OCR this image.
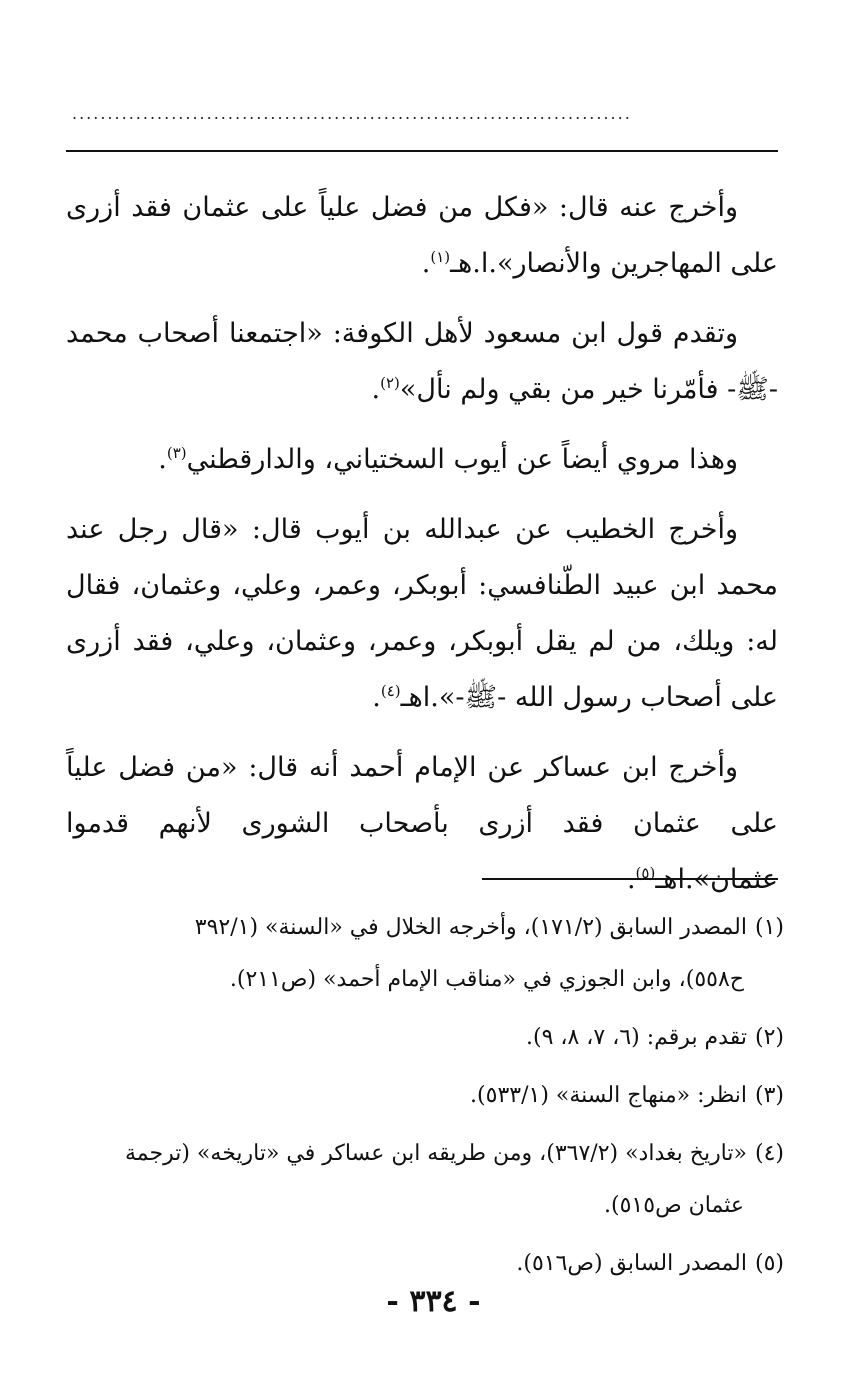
...............................................................................

وأخرج عنه قال: «فكل من فضل علياً على عثمان فقد أزرى على المهاجرين والأنصار».ا.هـ$^{(١)}$.

وتقدم قول ابن مسعود لأهل الكوفة: «اجتمعنا أصحاب محمد -ﷺ- فأمّرنا خير من بقي ولم نأل»$^{(٢)}$.

وهذا مروي أيضاً عن أيوب السختياني، والدارقطني$^{(٣)}$.

وأخرج الخطيب عن عبدالله بن أيوب قال: «قال رجل عند محمد ابن عبيد الطّنافسي: أبوبكر، وعمر، وعلي، وعثمان، فقال له: ويلك، من لم يقل أبوبكر، وعمر، وعثمان، وعلي، فقد أزرى على أصحاب رسول الله -ﷺ-».اهـ$^{(٤)}$.

وأخرج ابن عساكر عن الإمام أحمد أنه قال: «من فضل علياً على عثمان فقد أزرى بأصحاب الشورى لأنهم قدموا عثمان».اهـ$^{(٥)}$.

(١)المصدر السابق (١٧١/٢)، وأخرجه الخلال في «السنة» (٣٩٢/١
ح٥٥٨)، وابن الجوزي في «مناقب الإمام أحمد» (ص٢١١).
(٢)تقدم برقم: (٦، ٧، ٨، ٩).
(٣)انظر: «منهاج السنة» (٥٣٣/١).
(٤)«تاريخ بغداد» (٣٦٧/٢)، ومن طريقه ابن عساكر في «تاريخه» (ترجمة
عثمان ص٥١٥).
(٥)المصدر السابق (ص٥١٦).
- ٣٣٤ -
